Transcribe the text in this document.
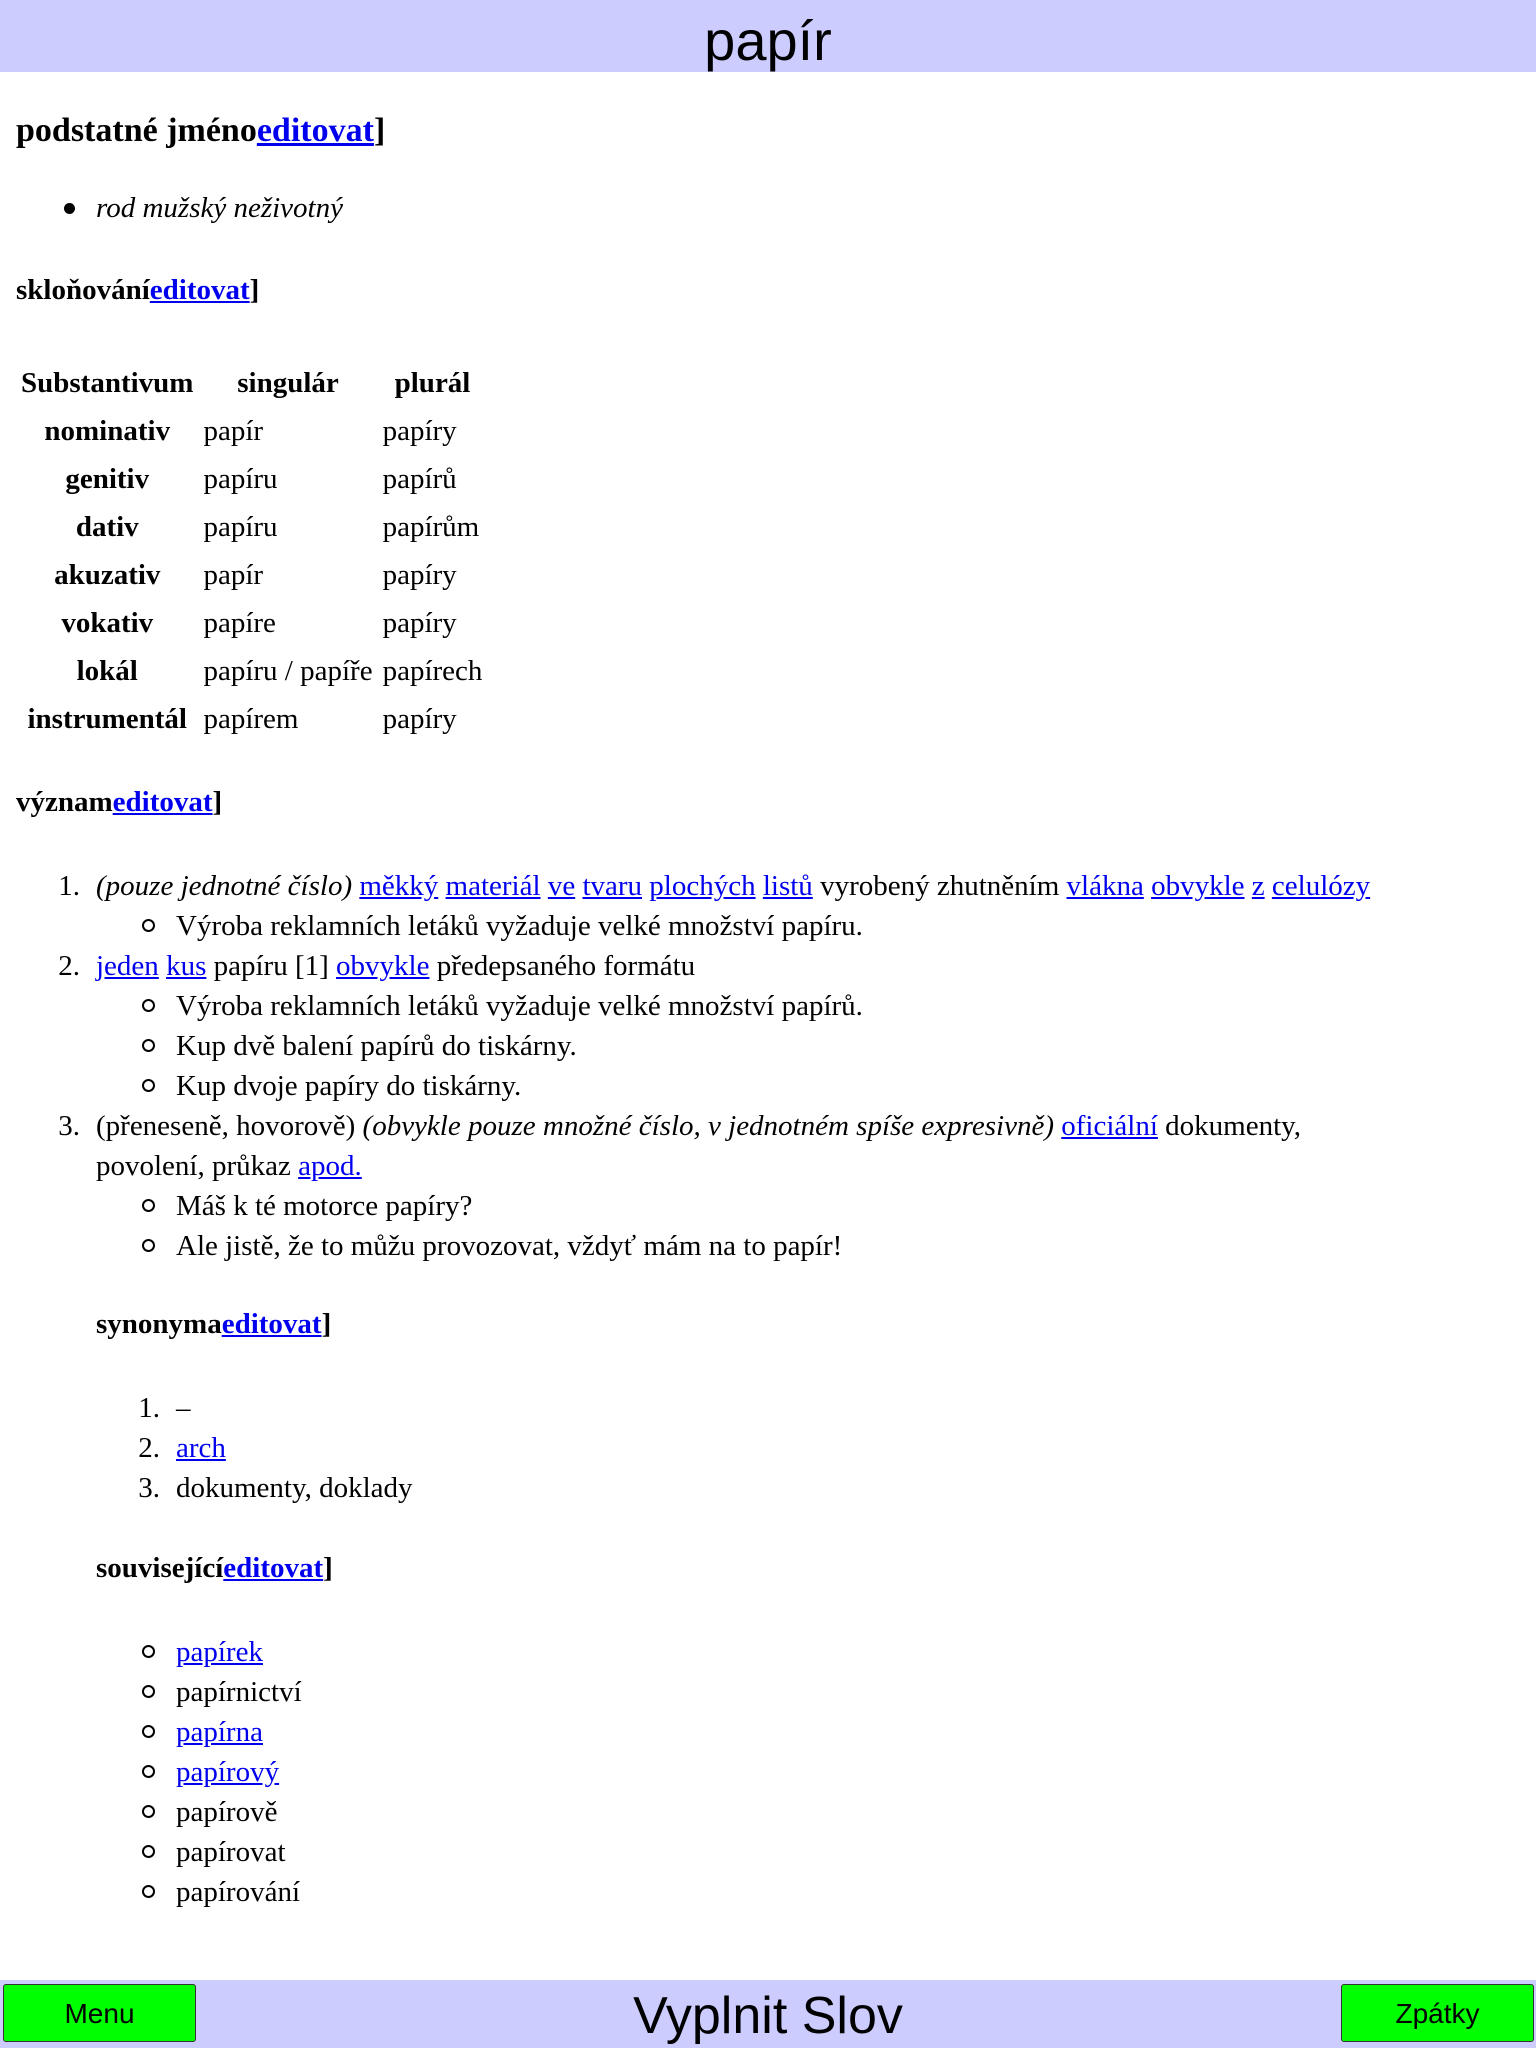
papír
podstatné jménoeditovat]
rod mužský neživotný
skloňováníeditovat]
Substantivum	singulár	plurál
nominativ	papír	papíry
genitiv	papíru	papírů
dativ	papíru	papírům
akuzativ	papír	papíry
vokativ	papíre	papíry
lokál	papíru / papíře	papírech
instrumentál	papírem	papíry
význameditovat]
1. (pouze jednotné číslo) měkký materiál ve tvaru plochých listů vyrobený zhutněním vlákna obvykle z celulózy
Výroba reklamních letáků vyžaduje velké množství papíru.
2. jeden kus papíru [1] obvykle předepsaného formátu
Výroba reklamních letáků vyžaduje velké množství papírů.
Kup dvě balení papírů do tiskárny.
Kup dvoje papíry do tiskárny.
3. (přeneseně, hovorově) (obvykle pouze množné číslo, v jednotném spíše expresivně) oficiální dokumenty,
povolení, průkaz apod.
Máš k té motorce papíry?
Ale jistě, že to můžu provozovat, vždyť mám na to papír!
synonymaeditovat]
1. –
2. arch
3. dokumenty, doklady
souvisejícíeditovat]
papírek
papírnictví
papírna
papírový
papírově
papírovat
papírování
Vyplnit Slov
Menu	Zpátky
